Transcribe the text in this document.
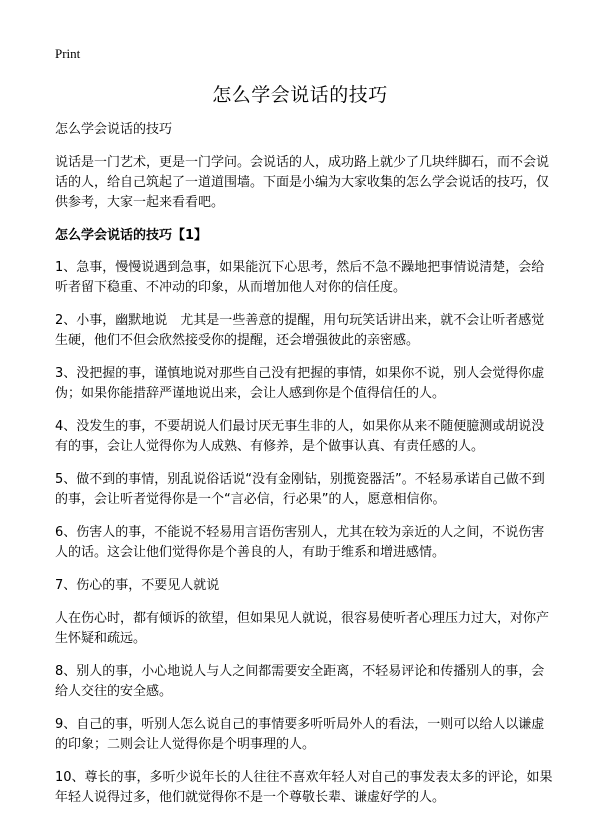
Print
怎么学会说话的技巧

怎么学会说话的技巧

说话是一门艺术，更是一门学问。会说话的人，成功路上就少了几块绊脚石，而不会说话的人，给自己筑起了一道道围墙。下面是小编为大家收集的怎么学会说话的技巧，仅供参考，大家一起来看看吧。

怎么学会说话的技巧【1】

1、急事，慢慢说遇到急事，如果能沉下心思考，然后不急不躁地把事情说清楚，会给听者留下稳重、不冲动的印象，从而增加他人对你的信任度。

2、小事，幽默地说　尤其是一些善意的提醒，用句玩笑话讲出来，就不会让听者感觉生硬，他们不但会欣然接受你的提醒，还会增强彼此的亲密感。

3、没把握的事，谨慎地说对那些自己没有把握的事情，如果你不说，别人会觉得你虚伪；如果你能措辞严谨地说出来，会让人感到你是个值得信任的人。

4、没发生的事，不要胡说人们最讨厌无事生非的人，如果你从来不随便臆测或胡说没有的事，会让人觉得你为人成熟、有修养，是个做事认真、有责任感的人。

5、做不到的事情，别乱说俗话说“没有金刚钻，别揽瓷器活”。不轻易承诺自己做不到的事，会让听者觉得你是一个“言必信，行必果”的人，愿意相信你。

6、伤害人的事，不能说不轻易用言语伤害别人，尤其在较为亲近的人之间，不说伤害人的话。这会让他们觉得你是个善良的人，有助于维系和增进感情。

7、伤心的事，不要见人就说

人在伤心时，都有倾诉的欲望，但如果见人就说，很容易使听者心理压力过大，对你产生怀疑和疏远。

8、别人的事，小心地说人与人之间都需要安全距离，不轻易评论和传播别人的事，会给人交往的安全感。

9、自己的事，听别人怎么说自己的事情要多听听局外人的看法，一则可以给人以谦虚的印象；二则会让人觉得你是个明事理的人。

10、尊长的事，多听少说年长的人往往不喜欢年轻人对自己的事发表太多的评论，如果年轻人说得过多，他们就觉得你不是一个尊敬长辈、谦虚好学的人。
